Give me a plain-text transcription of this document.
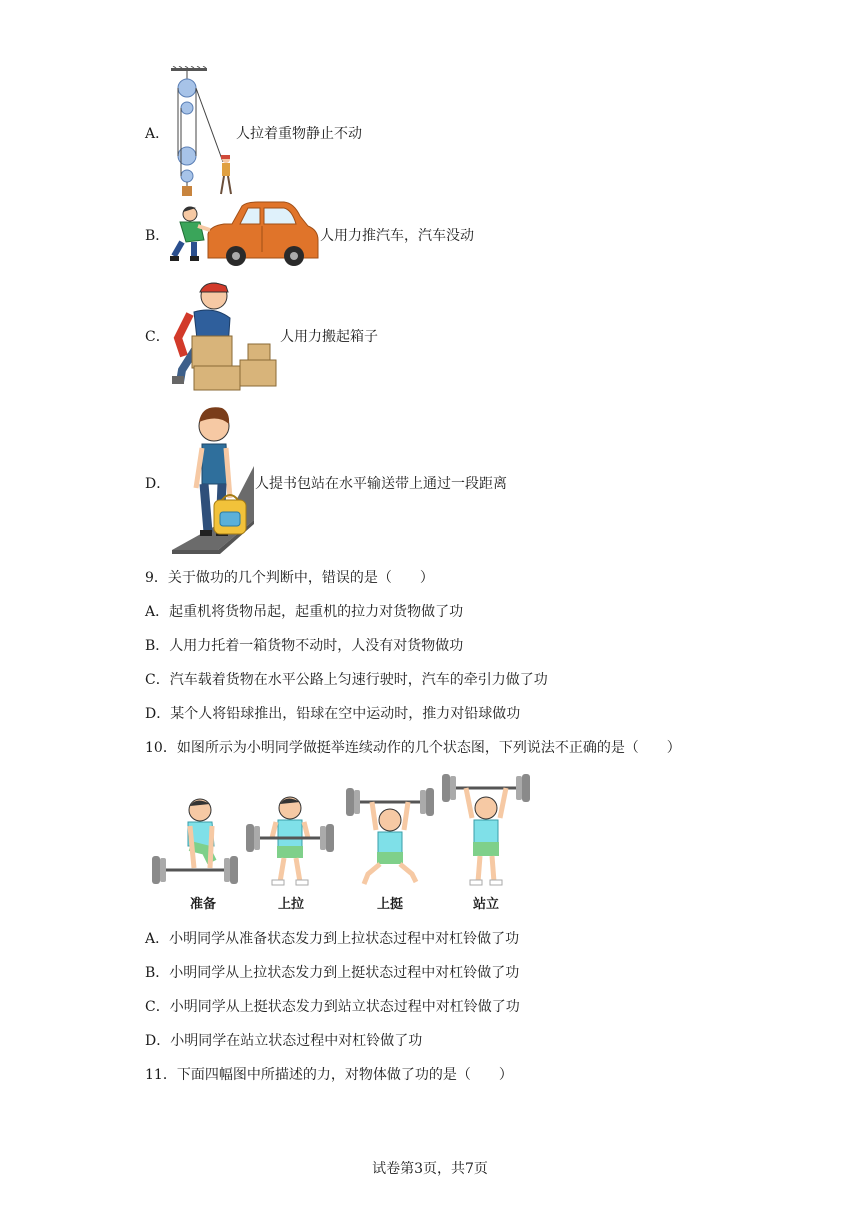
A．	人拉着重物静止不动
B．	人用力推汽车，汽车没动
C．	人用力搬起箱子
D．	人提书包站在水平输送带上通过一段距离
9．关于做功的几个判断中，错误的是（　　）
A．起重机将货物吊起，起重机的拉力对货物做了功
B．人用力托着一箱货物不动时，人没有对货物做功
C．汽车载着货物在水平公路上匀速行驶时，汽车的牵引力做了功
D．某个人将铅球推出，铅球在空中运动时，推力对铅球做功
10．如图所示为小明同学做挺举连续动作的几个状态图，下列说法不正确的是（　　）
准备	上拉	上挺	站立
A．小明同学从准备状态发力到上拉状态过程中对杠铃做了功
B．小明同学从上拉状态发力到上挺状态过程中对杠铃做了功
C．小明同学从上挺状态发力到站立状态过程中对杠铃做了功
D．小明同学在站立状态过程中对杠铃做了功
11．下面四幅图中所描述的力，对物体做了功的是（　　）
试卷第3页，共7页
